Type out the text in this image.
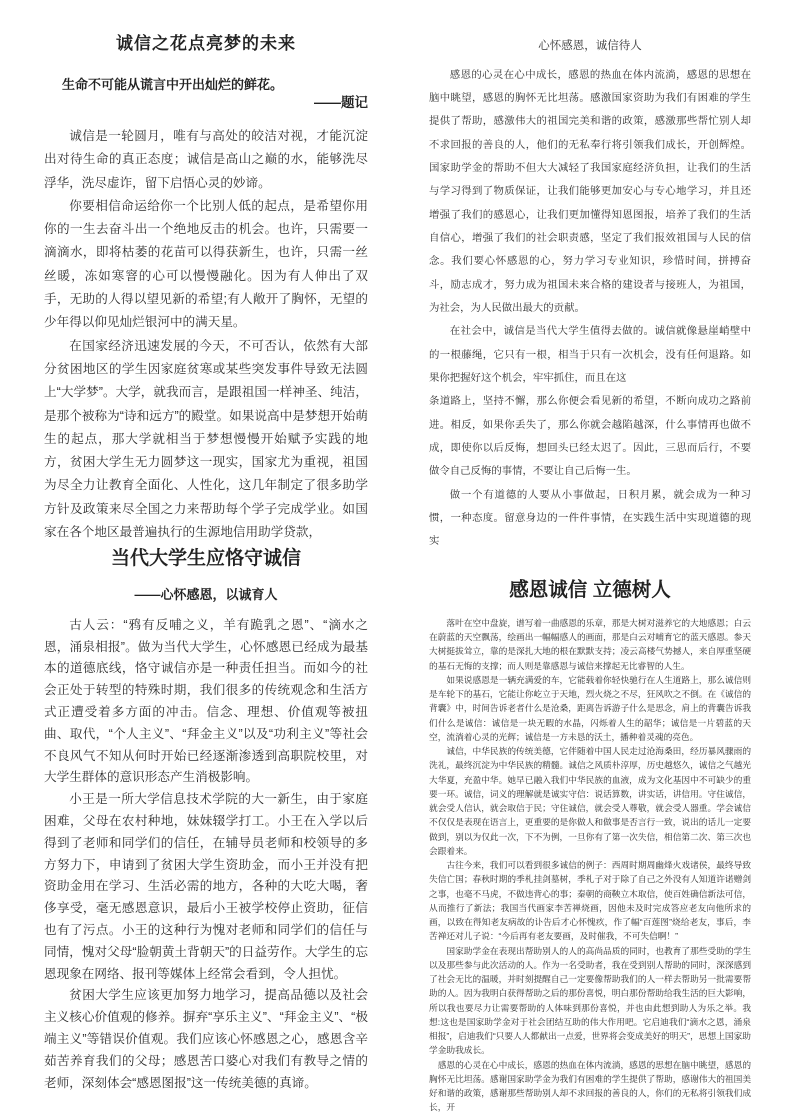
诚信之花点亮梦的未来

生命不可能从谎言中开出灿烂的鲜花。

——题记

诚信是一轮圆月，唯有与高处的皎洁对视，才能沉淀出对待生命的真正态度；诚信是高山之巅的水，能够洗尽浮华，洗尽虚诈，留下启悟心灵的妙谛。

你要相信命运给你一个比别人低的起点，是希望你用你的一生去奋斗出一个绝地反击的机会。也许，只需要一滴滴水，即将枯萎的花苗可以得获新生，也许，只需一丝丝暖，冻如寒窨的心可以慢慢融化。因为有人伸出了双手，无助的人得以望见新的希望;有人敞开了胸怀，无望的少年得以仰见灿烂银河中的满天星。

在国家经济迅速发展的今天，不可否认，依然有大部分贫困地区的学生因家庭贫寒或某些突发事件导致无法圆上“大学梦”。大学，就我而言，是跟祖国一样神圣、纯洁，是那个被称为“诗和远方”的殿堂。如果说高中是梦想开始萌生的起点，那大学就相当于梦想慢慢开始赋予实践的地方，贫困大学生无力圆梦这一现实，国家尤为重视，祖国为尽全力让教育全面化、人性化，这几年制定了很多助学方针及政策来尽全国之力来帮助每个学子完成学业。如国家在各个地区最普遍执行的生源地信用助学贷款，

当代大学生应恪守诚信
——心怀感恩，以诚育人

古人云：“鸦有反哺之义，羊有跪乳之恩”、“滴水之恩，涌泉相报”。做为当代大学生，心怀感恩已经成为最基本的道德底线，恪守诚信亦是一种责任担当。而如今的社会正处于转型的特殊时期，我们很多的传统观念和生活方式正遭受着多方面的冲击。信念、理想、价值观等被扭曲、取代，“个人主义”、“拜金主义”以及“功利主义”等社会不良风气不知从何时开始已经逐渐渗透到高职院校里，对大学生群体的意识形态产生消极影响。

小王是一所大学信息技术学院的大一新生，由于家庭困难，父母在农村种地，妹妹辍学打工。小王在入学以后得到了老师和同学们的信任，在辅导员老师和校领导的多方努力下，申请到了贫困大学生资助金，而小王并没有把资助金用在学习、生活必需的地方，各种的大吃大喝，奢侈享受，毫无感恩意识，最后小王被学校停止资助，征信也有了污点。小王的这种行为愧对老师和同学们的信任与同情，愧对父母“脸朝黄土背朝天”的日益劳作。大学生的忘恩现象在网络、报刊等媒体上经常会看到，令人担忧。

贫困大学生应该更加努力地学习，提高品德以及社会主义核心价值观的修养。摒弃“享乐主义”、“拜金主义”、“极端主义”等错误价值观。我们应该心怀感恩之心，感恩含辛茹苦养育我们的父母；感恩苦口婆心对我们有教导之情的老师，深刻体会“感恩图报”这一传统美德的真谛。

心怀感恩，诚信待人

感恩的心灵在心中成长，感恩的热血在体内流淌，感恩的思想在脑中眺望，感恩的胸怀无比坦荡。感激国家资助为我们有困难的学生提供了帮助，感激伟大的祖国完美和谐的政策，感激那些帮忙别人却不求回报的善良的人，他们的无私奉行将引领我们成长，开创辉煌。国家助学金的帮助不但大大减轻了我国家庭经济负担，让我们的生活与学习得到了物质保证，让我们能够更加安心与专心地学习，并且还增强了我们的感恩心，让我们更加懂得知恩图报，培养了我们的生活自信心，增强了我们的社会职责感，坚定了我们报效祖国与人民的信念。我们要心怀感恩的心，努力学习专业知识，珍惜时间，拼搏奋斗，励志成才，努力成为祖国未来合格的建设者与接班人，为祖国，为社会，为人民做出最大的贡献。

在社会中，诚信是当代大学生值得去做的。诚信就像悬崖峭壁中的一根藤绳，它只有一根，相当于只有一次机会，没有任何退路。如果你把握好这个机会，牢牢抓住，而且在这

条道路上，坚持不懈，那么你便会看见新的希望，不断向成功之路前进。相反，如果你丢失了，那么你就会越陷越深，什么事情再也做不成，即使你以后反悔，想回头已经太迟了。因此，三思而后行，不要做令自己反悔的事情，不要让自己后悔一生。

做一个有道德的人要从小事做起，日积月累，就会成为一种习惯，一种态度。留意身边的一件件事情，在实践生活中实现道德的现实

感恩诚信 立德树人

落叶在空中盘旋，谱写着一曲感恩的乐章，那是大树对滋养它的大地感恩；白云在蔚蓝的天空飘荡，绘画出一幅幅感人的画面，那是白云对哺育它的蓝天感恩。参天大树挺拔耸立，靠的是深扎大地的根在默默支持；凌云高楼气势撼人，来自厚重坚硬的基石无悔的支撑；而人则是靠感恩与诚信来撑起无比睿智的人生。

如果说感恩是一辆充满爱的车，它能载着你轻快驰行在人生道路上，那么诚信则是车轮下的基石，它能让你屹立于天地，烈火烧之不尽，狂风吹之不倒。在《诚信的背囊》中，时间告诉老者什么是沧桑，距离告诉游子什么是思念，肩上的背囊告诉我们什么是诚信：诚信是一块无暇的水晶，闪烁着人生的韶华；诚信是一片碧蓝的天空，流淌着心灵的光辉；诚信是一方未恳的沃土，播种着灵魂的亮色。

诚信，中华民族的传统美德，它伴随着中国人民走过沧海桑田，经历暴风骤雨的洗礼，最终沉淀为中华民族的精髓。诚信之风质朴淳厚，历史越悠久，诚信之气越光大华夏，充盈中华。她早已融入我们中华民族的血液，成为文化基因中不可缺少的重要一环。诚信，词义的理解就是诚实守信：说话算数，讲实话，讲信用。守住诚信，就会受人信认，就会取信于民；守住诚信，就会受人尊敬，就会受人器重。学会诚信不仅仅是表现在语言上，更重要的是你做人和做事是否言行一致，说出的话儿一定要做到，别以为仅此一次，下不为例，一旦你有了第一次失信，相信第二次、第三次也会跟着来。

古往今来，我们可以看到很多诚信的例子：西周时期周幽烽火戏诸侯，最终导致失信亡国；春秋时期的季札挂剑墓树，季札子对于除了自己之外没有人知道许诺赠剑之事，也毫不马虎，不做违背心的事；秦朝的商鞅立木取信，使百姓确信新法可信，从而推行了新法；我国当代画家李苦禅烧画，因他未及时完成答应老友向他所求的画，以致在得知老友病故的讣告后才心怀愧疚，作了幅“百莲图”烧给老友，事后，李苦禅还对儿子说：“今后再有老友要画，及时催我，不可失信啊！”

国家助学金在表现出帮助别人的人的高尚品质的同时，也教育了那些受助的学生以及那些参与此次活动的人。作为一名受助者，我在受到别人帮助的同时，深深感到了社会无比的温暖，并时刻提醒自己一定要像帮助我们的人一样去帮助另一批需要帮助的人。因为我明白获得帮助之后的那份喜悦，明白那份帮助给我生活的巨大影响，所以我也要尽力让需要帮助的人体味到那份喜悦，并也由此想到助人为乐之举。我想:这也是国家助学金对于社会团结互助的伟大作用吧。它启迪我们“滴水之恩，涌泉相报”，启迪我们“只要人人都献出一点爱，世界将会变成美好的明天”，思想上国家助学金助我成长。

感恩的心灵在心中成长，感恩的热血在体内流淌，感恩的思想在脑中眺望，感恩的胸怀无比坦荡。感谢国家助学金为我们有困难的学生提供了帮助，感谢伟大的祖国美好和谐的政策，感谢那些帮助别人却不求回报的善良的人，你们的无私将引领我们成长，开
